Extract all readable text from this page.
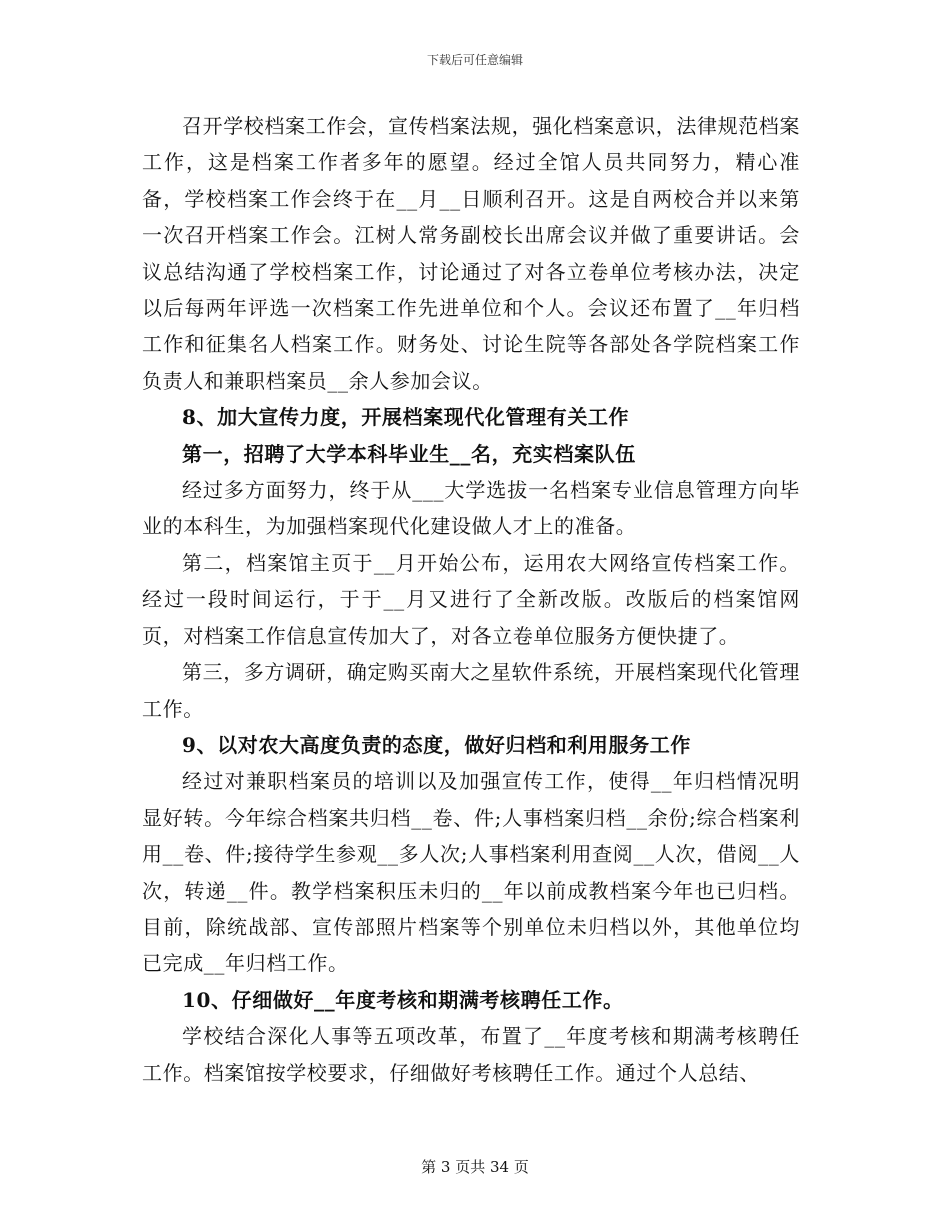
下载后可任意编辑

召开学校档案工作会，宣传档案法规，强化档案意识，法律规范档案工作，这是档案工作者多年的愿望。经过全馆人员共同努力，精心准备，学校档案工作会终于在__月__日顺利召开。这是自两校合并以来第一次召开档案工作会。江树人常务副校长出席会议并做了重要讲话。会议总结沟通了学校档案工作，讨论通过了对各立卷单位考核办法，决定以后每两年评选一次档案工作先进单位和个人。会议还布置了__年归档工作和征集名人档案工作。财务处、讨论生院等各部处各学院档案工作负责人和兼职档案员__余人参加会议。

8、加大宣传力度，开展档案现代化管理有关工作

第一，招聘了大学本科毕业生__名，充实档案队伍

经过多方面努力，终于从___大学选拔一名档案专业信息管理方向毕业的本科生，为加强档案现代化建设做人才上的准备。

第二，档案馆主页于__月开始公布，运用农大网络宣传档案工作。经过一段时间运行，于于__月又进行了全新改版。改版后的档案馆网页，对档案工作信息宣传加大了，对各立卷单位服务方便快捷了。

第三，多方调研，确定购买南大之星软件系统，开展档案现代化管理工作。

9、以对农大高度负责的态度，做好归档和利用服务工作

经过对兼职档案员的培训以及加强宣传工作，使得__年归档情况明显好转。今年综合档案共归档__卷、件;人事档案归档__余份;综合档案利用__卷、件;接待学生参观__多人次;人事档案利用查阅__人次，借阅__人次，转递__件。教学档案积压未归的__年以前成教档案今年也已归档。目前，除统战部、宣传部照片档案等个别单位未归档以外，其他单位均已完成__年归档工作。

10、仔细做好__年度考核和期满考核聘任工作。

学校结合深化人事等五项改革，布置了__年度考核和期满考核聘任工作。档案馆按学校要求，仔细做好考核聘任工作。通过个人总结、

第 3 页共 34 页
